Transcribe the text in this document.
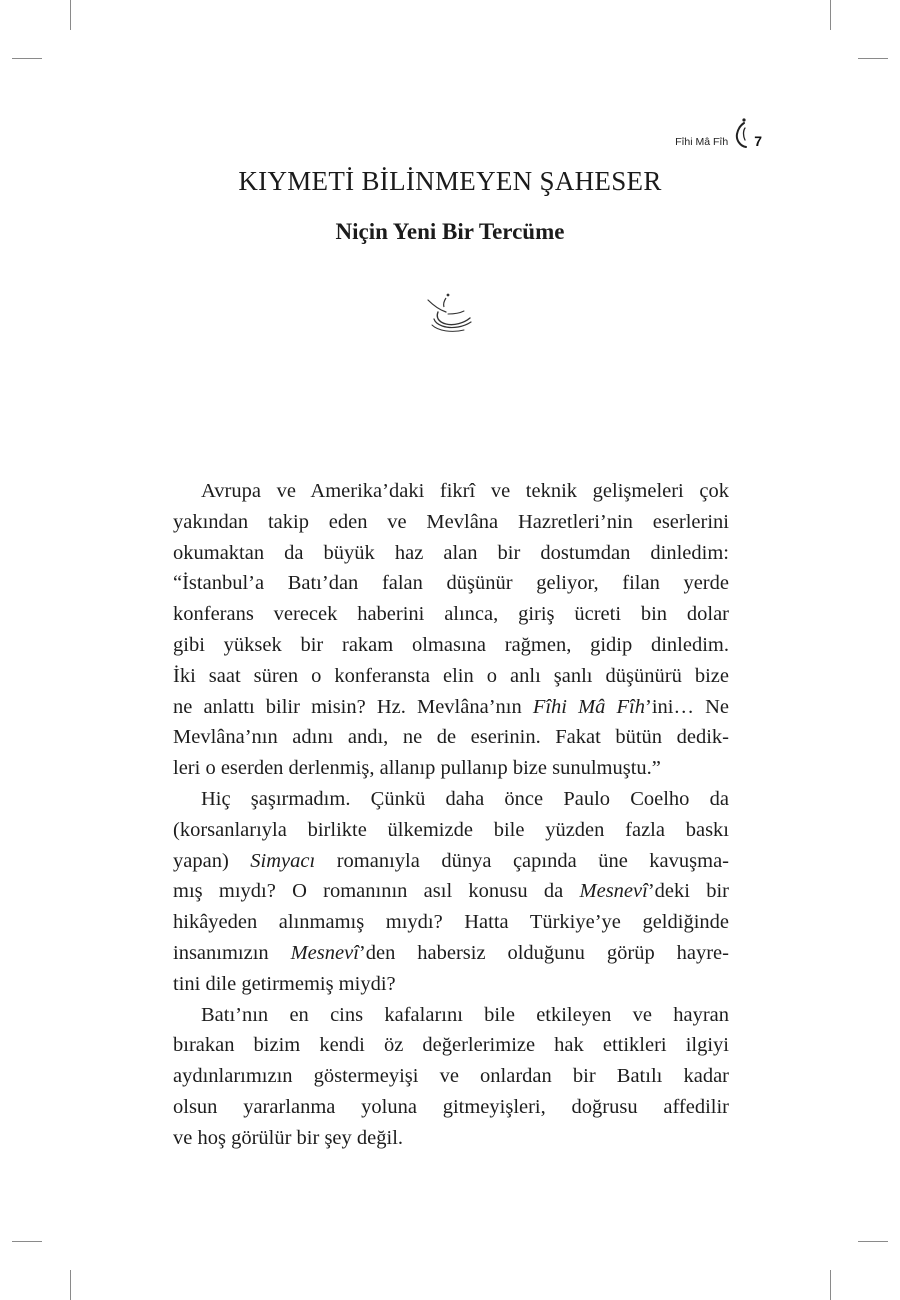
Fîhi Mâ Fîh 7
KIYMETİ BİLİNMEYEN ŞAHESER
Niçin Yeni Bir Tercüme

Avrupa ve Amerika’daki fikrî ve teknik gelişmeleri çok
yakından takip eden ve Mevlâna Hazretleri’nin eserlerini
okumaktan da büyük haz alan bir dostumdan dinledim:
“İstanbul’a Batı’dan falan düşünür geliyor, filan yerde
konferans verecek haberini alınca, giriş ücreti bin dolar
gibi yüksek bir rakam olmasına rağmen, gidip dinledim.
İki saat süren o konferansta elin o anlı şanlı düşünürü bize
ne anlattı bilir misin? Hz. Mevlâna’nın Fîhi Mâ Fîh’ini… Ne
Mevlâna’nın adını andı, ne de eserinin. Fakat bütün dedik-
leri o eserden derlenmiş, allanıp pullanıp bize sunulmuştu.”

Hiç şaşırmadım. Çünkü daha önce Paulo Coelho da
(korsanlarıyla birlikte ülkemizde bile yüzden fazla baskı
yapan) Simyacı romanıyla dünya çapında üne kavuşma-
mış mıydı? O romanının asıl konusu da Mesnevî’deki bir
hikâyeden alınmamış mıydı? Hatta Türkiye’ye geldiğinde
insanımızın Mesnevî’den habersiz olduğunu görüp hayre-
tini dile getirmemiş miydi?

Batı’nın en cins kafalarını bile etkileyen ve hayran
bırakan bizim kendi öz değerlerimize hak ettikleri ilgiyi
aydınlarımızın göstermeyişi ve onlardan bir Batılı kadar
olsun yararlanma yoluna gitmeyişleri, doğrusu affedilir
ve hoş görülür bir şey değil.
